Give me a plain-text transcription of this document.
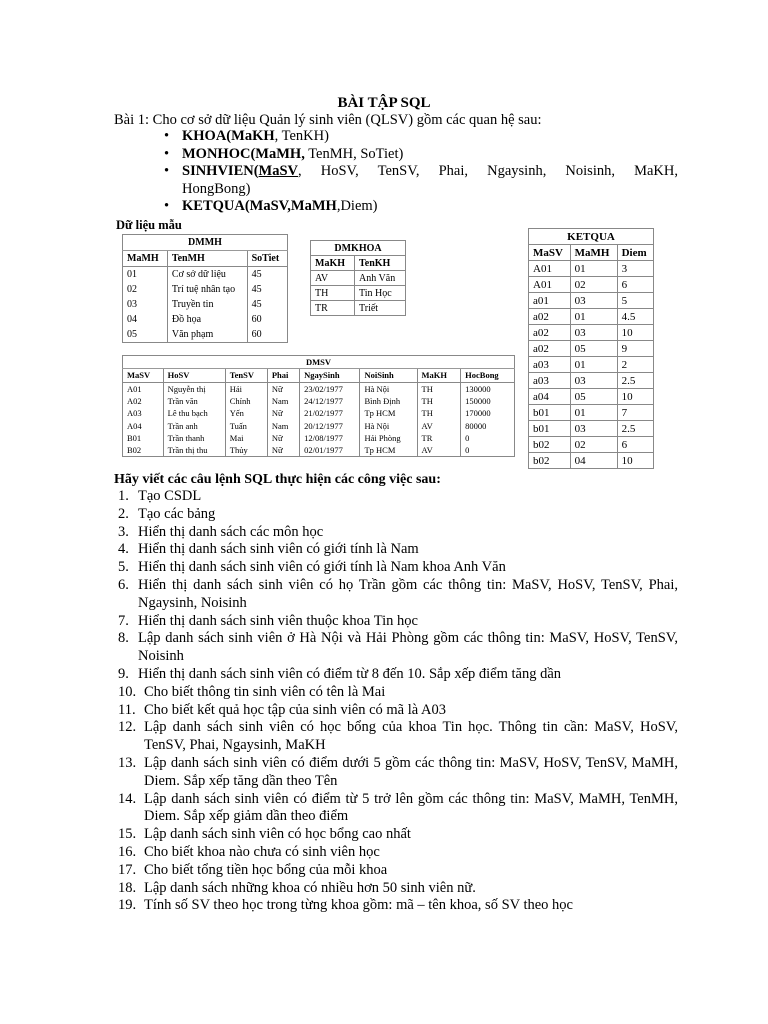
BÀI TẬP SQL
Bài 1: Cho cơ sở dữ liệu Quản lý sinh viên (QLSV) gồm các quan hệ sau:
• KHOA(MaKH, TenKH)
• MONHOC(MaMH, TenMH, SoTiet)
• SINHVIEN(MaSV, HoSV, TenSV, Phai, Ngaysinh, Noisinh, MaKH,
HongBong)
• KETQUA(MaSV,MaMH,Diem)
Dữ liệu mẫu
DMMH		
MaMH	TenMH	SoTiet
01	Cơ sở dữ liệu	45
02	Trí tuệ nhân tạo	45
03	Truyền tin	45
04	Đồ họa	60
05	Văn phạm	60
DMKHOA	
MaKH	TenKH
AV	Anh Văn
TH	Tin Học
TR	Triết
KETQUA		
MaSV	MaMH	Diem
A01	01	3
A01	02	6
a01	03	5
a02	01	4.5
a02	03	10
a02	05	9
a03	01	2
a03	03	2.5
a04	05	10
b01	01	7
b01	03	2.5
b02	02	6
b02	04	10
DMSV							
MaSV	HoSV	TenSV	Phai	NgaySinh	NoiSinh	MaKH	HocBong
A01	Nguyễn thị	Hải	Nữ	23/02/1977	Hà Nội	TH	130000
A02	Trần văn	Chính	Nam	24/12/1977	Bình Định	TH	150000
A03	Lê thu bạch	Yến	Nữ	21/02/1977	Tp HCM	TH	170000
A04	Trần anh	Tuấn	Nam	20/12/1977	Hà Nội	AV	80000
B01	Trần thanh	Mai	Nữ	12/08/1977	Hải Phòng	TR	0
B02	Trần thị thu	Thủy	Nữ	02/01/1977	Tp HCM	AV	0
Hãy viết các câu lệnh SQL thực hiện các công việc sau:
1. Tạo CSDL
2. Tạo các bảng
3. Hiển thị danh sách các môn học
4. Hiển thị danh sách sinh viên có giới tính là Nam
5. Hiển thị danh sách sinh viên có giới tính là Nam khoa Anh Văn
6. Hiển thị danh sách sinh viên có họ Trần gồm các thông tin: MaSV, HoSV, TenSV, Phai, Ngaysinh, Noisinh
7. Hiển thị danh sách sinh viên thuộc khoa Tin học
8. Lập danh sách sinh viên ở Hà Nội và Hải Phòng gồm các thông tin: MaSV, HoSV, TenSV, Noisinh
9. Hiển thị danh sách sinh viên có điểm từ 8 đến 10. Sắp xếp điểm tăng dần
10. Cho biết thông tin sinh viên có tên là Mai
11. Cho biết kết quả học tập của sinh viên có mã là A03
12. Lập danh sách sinh viên có học bổng của khoa Tin học. Thông tin cần: MaSV, HoSV, TenSV, Phai, Ngaysinh, MaKH
13. Lập danh sách sinh viên có điểm dưới 5 gồm các thông tin: MaSV, HoSV, TenSV, MaMH, Diem. Sắp xếp tăng dần theo Tên
14. Lập danh sách sinh viên có điểm từ 5 trở lên gồm các thông tin: MaSV, MaMH, TenMH, Diem. Sắp xếp giảm dần theo điểm
15. Lập danh sách sinh viên có học bổng cao nhất
16. Cho biết khoa nào chưa có sinh viên học
17. Cho biết tổng tiền học bổng của mỗi khoa
18. Lập danh sách những khoa có nhiều hơn 50 sinh viên nữ.
19. Tính số SV theo học trong từng khoa gồm: mã – tên khoa, số SV theo học
